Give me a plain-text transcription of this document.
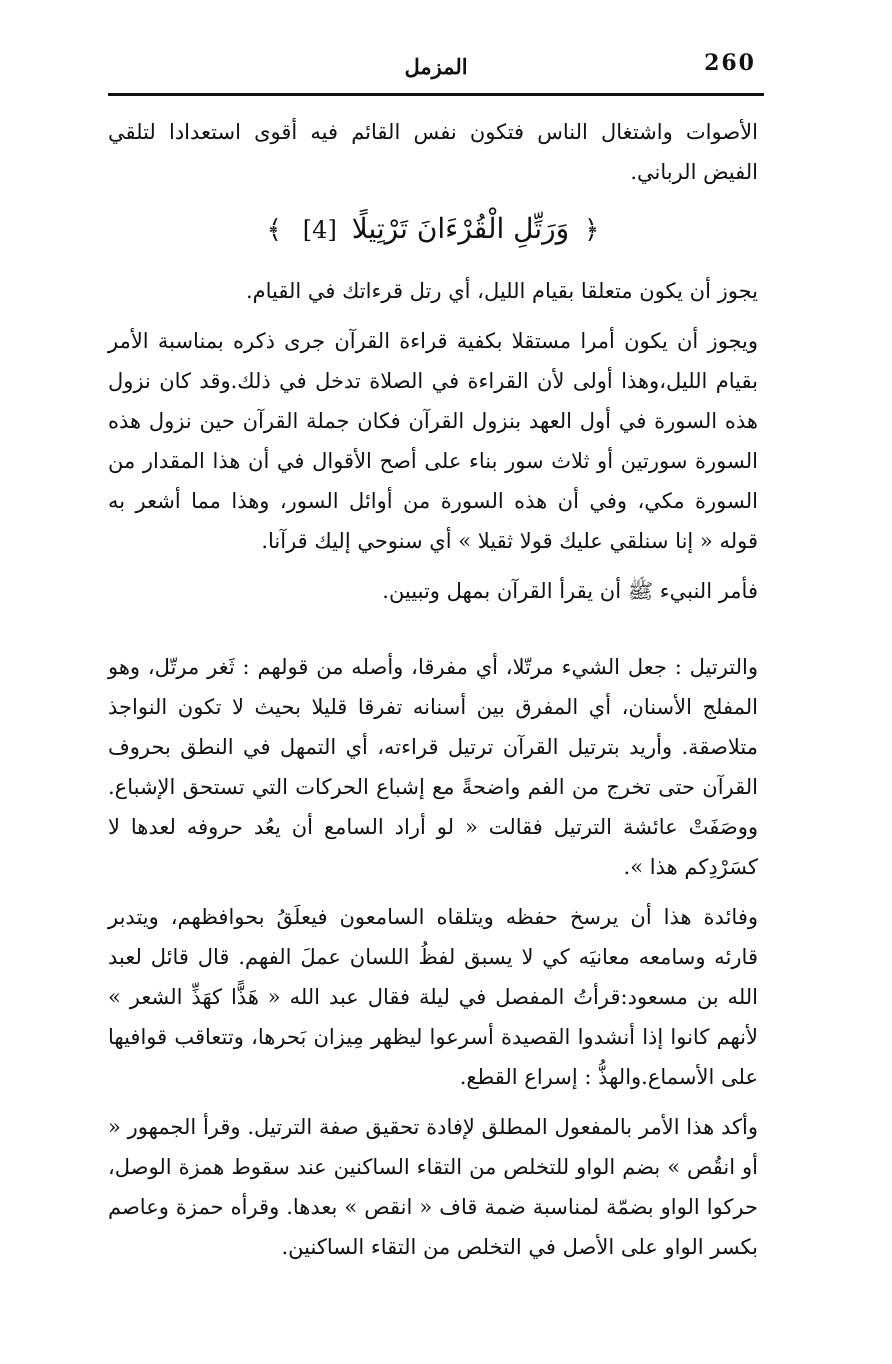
260
المزمل

الأصوات واشتغال الناس فتكون نفس القائم فيه أقوى استعدادا لتلقي الفيض الرباني.

﴿ وَرَتِّلِ الْقُرْءَانَ تَرْتِيلًا [4] ﴾

يجوز أن يكون متعلقا بقيام الليل، أي رتل قرءاتك في القيام.

ويجوز أن يكون أمرا مستقلا بكفية قراءة القرآن جرى ذكره بمناسبة الأمر بقيام الليل،وهذا أولى لأن القراءة في الصلاة تدخل في ذلك.وقد كان نزول هذه السورة في أول العهد بنزول القرآن فكان جملة القرآن حين نزول هذه السورة سورتين أو ثلاث سور بناء على أصح الأقوال في أن هذا المقدار من السورة مكي، وفي أن هذه السورة من أوائل السور، وهذا مما أشعر به قوله « إنا سنلقي عليك قولا ثقيلا » أي سنوحي إليك قرآنا.

فأمر النبيء ﷺ أن يقرأ القرآن بمهل وتبيين.

والترتيل : جعل الشيء مرتّلا، أي مفرقا، وأصله من قولهم : ثَغر مرتّل، وهو المفلج الأسنان، أي المفرق بين أسنانه تفرقا قليلا بحيث لا تكون النواجذ متلاصقة. وأريد بترتيل القرآن ترتيل قراءته، أي التمهل في النطق بحروف القرآن حتى تخرج من الفم واضحةً مع إشباع الحركات التي تستحق الإشباع. ووصَفَتْ عائشة الترتيل فقالت « لو أراد السامع أن يعُد حروفه لعدها لا كسَرْدِكم هذا ».

وفائدة هذا أن يرسخ حفظه ويتلقاه السامعون فيعلَقُ بحوافظهم، ويتدبر قارئه وسامعه معانيَه كي لا يسبق لفظُ اللسان عملَ الفهم. قال قائل لعبد الله بن مسعود:قرأتُ المفصل في ليلة فقال عبد الله « هَذًّا كهَذِّ الشعر » لأنهم كانوا إذا أنشدوا القصيدة أسرعوا ليظهر مِيزان بَحرها، وتتعاقب قوافيها على الأسماع.والهذُّ : إسراع القطع.

وأكد هذا الأمر بالمفعول المطلق لإفادة تحقيق صفة الترتيل. وقرأ الجمهور « أو انقُص » بضم الواو للتخلص من التقاء الساكنين عند سقوط همزة الوصل، حركوا الواو بضمّة لمناسبة ضمة قاف « انقص » بعدها. وقرأه حمزة وعاصم بكسر الواو على الأصل في التخلص من التقاء الساكنين.
